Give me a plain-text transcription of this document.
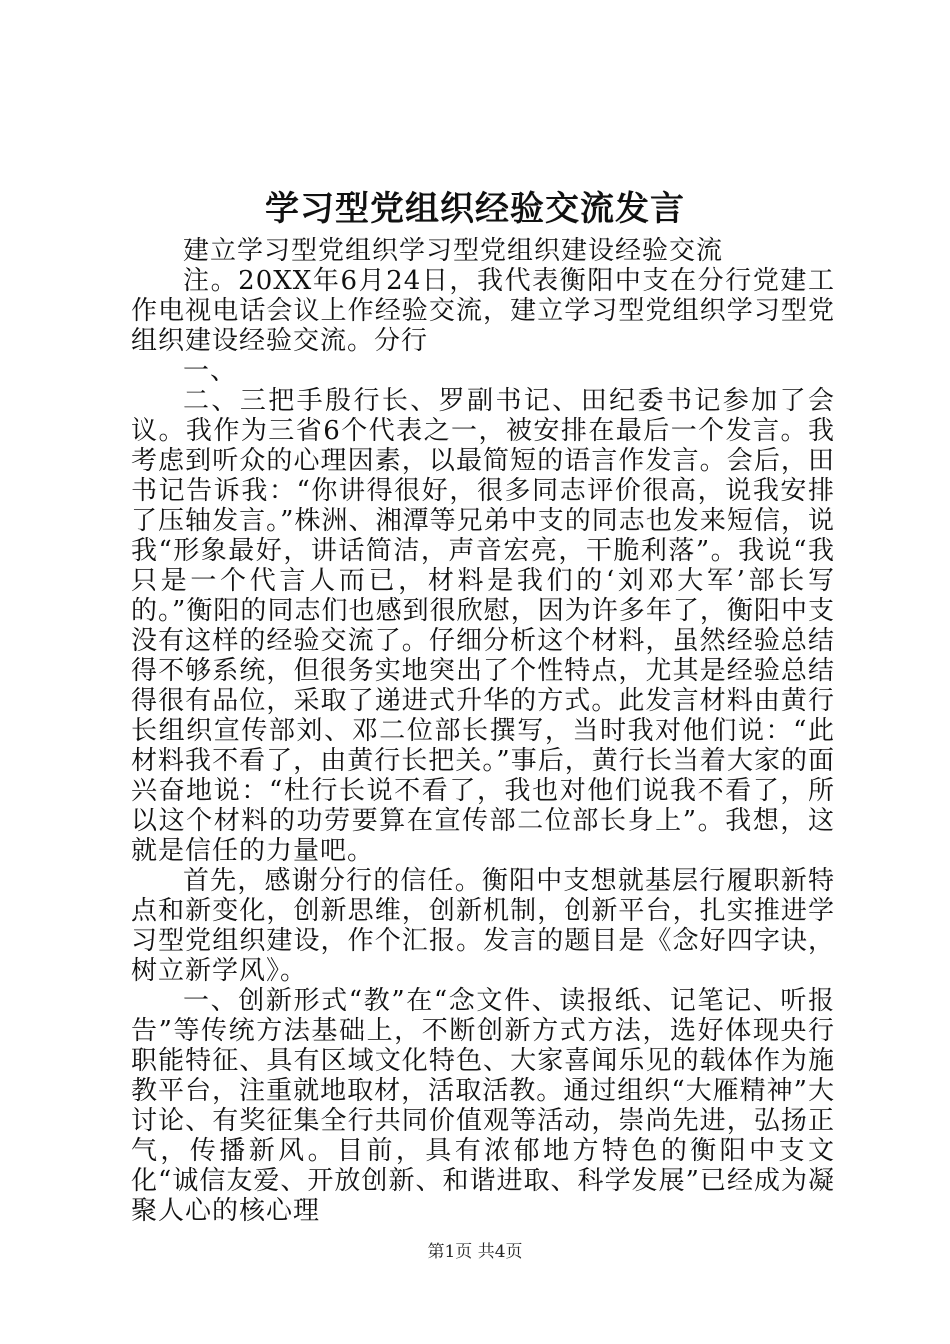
学习型党组织经验交流发言

建立学习型党组织学习型党组织建设经验交流

注。20XX年6月24日，我代表衡阳中支在分行党建工作电视电话会议上作经验交流，建立学习型党组织学习型党组织建设经验交流。分行

一、

二、三把手殷行长、罗副书记、田纪委书记参加了会议。我作为三省6个代表之一，被安排在最后一个发言。我考虑到听众的心理因素，以最简短的语言作发言。会后，田书记告诉我：“你讲得很好，很多同志评价很高，说我安排了压轴发言。”株洲、湘潭等兄弟中支的同志也发来短信，说我“形象最好，讲话简洁，声音宏亮，干脆利落”。我说“我只是一个代言人而已，材料是我们的‘刘邓大军’部长写的。”衡阳的同志们也感到很欣慰，因为许多年了，衡阳中支没有这样的经验交流了。仔细分析这个材料，虽然经验总结得不够系统，但很务实地突出了个性特点，尤其是经验总结得很有品位，采取了递进式升华的方式。此发言材料由黄行长组织宣传部刘、邓二位部长撰写，当时我对他们说：“此材料我不看了，由黄行长把关。”事后，黄行长当着大家的面兴奋地说：“杜行长说不看了，我也对他们说我不看了，所以这个材料的功劳要算在宣传部二位部长身上”。我想，这就是信任的力量吧。

首先，感谢分行的信任。衡阳中支想就基层行履职新特点和新变化，创新思维，创新机制，创新平台，扎实推进学习型党组织建设，作个汇报。发言的题目是《念好四字诀，树立新学风》。

一、创新形式“教”在“念文件、读报纸、记笔记、听报告”等传统方法基础上，不断创新方式方法，选好体现央行职能特征、具有区域文化特色、大家喜闻乐见的载体作为施教平台，注重就地取材，活取活教。通过组织“大雁精神”大讨论、有奖征集全行共同价值观等活动，崇尚先进，弘扬正气，传播新风。目前，具有浓郁地方特色的衡阳中支文化“诚信友爱、开放创新、和谐进取、科学发展”已经成为凝聚人心的核心理

第1页 共4页
